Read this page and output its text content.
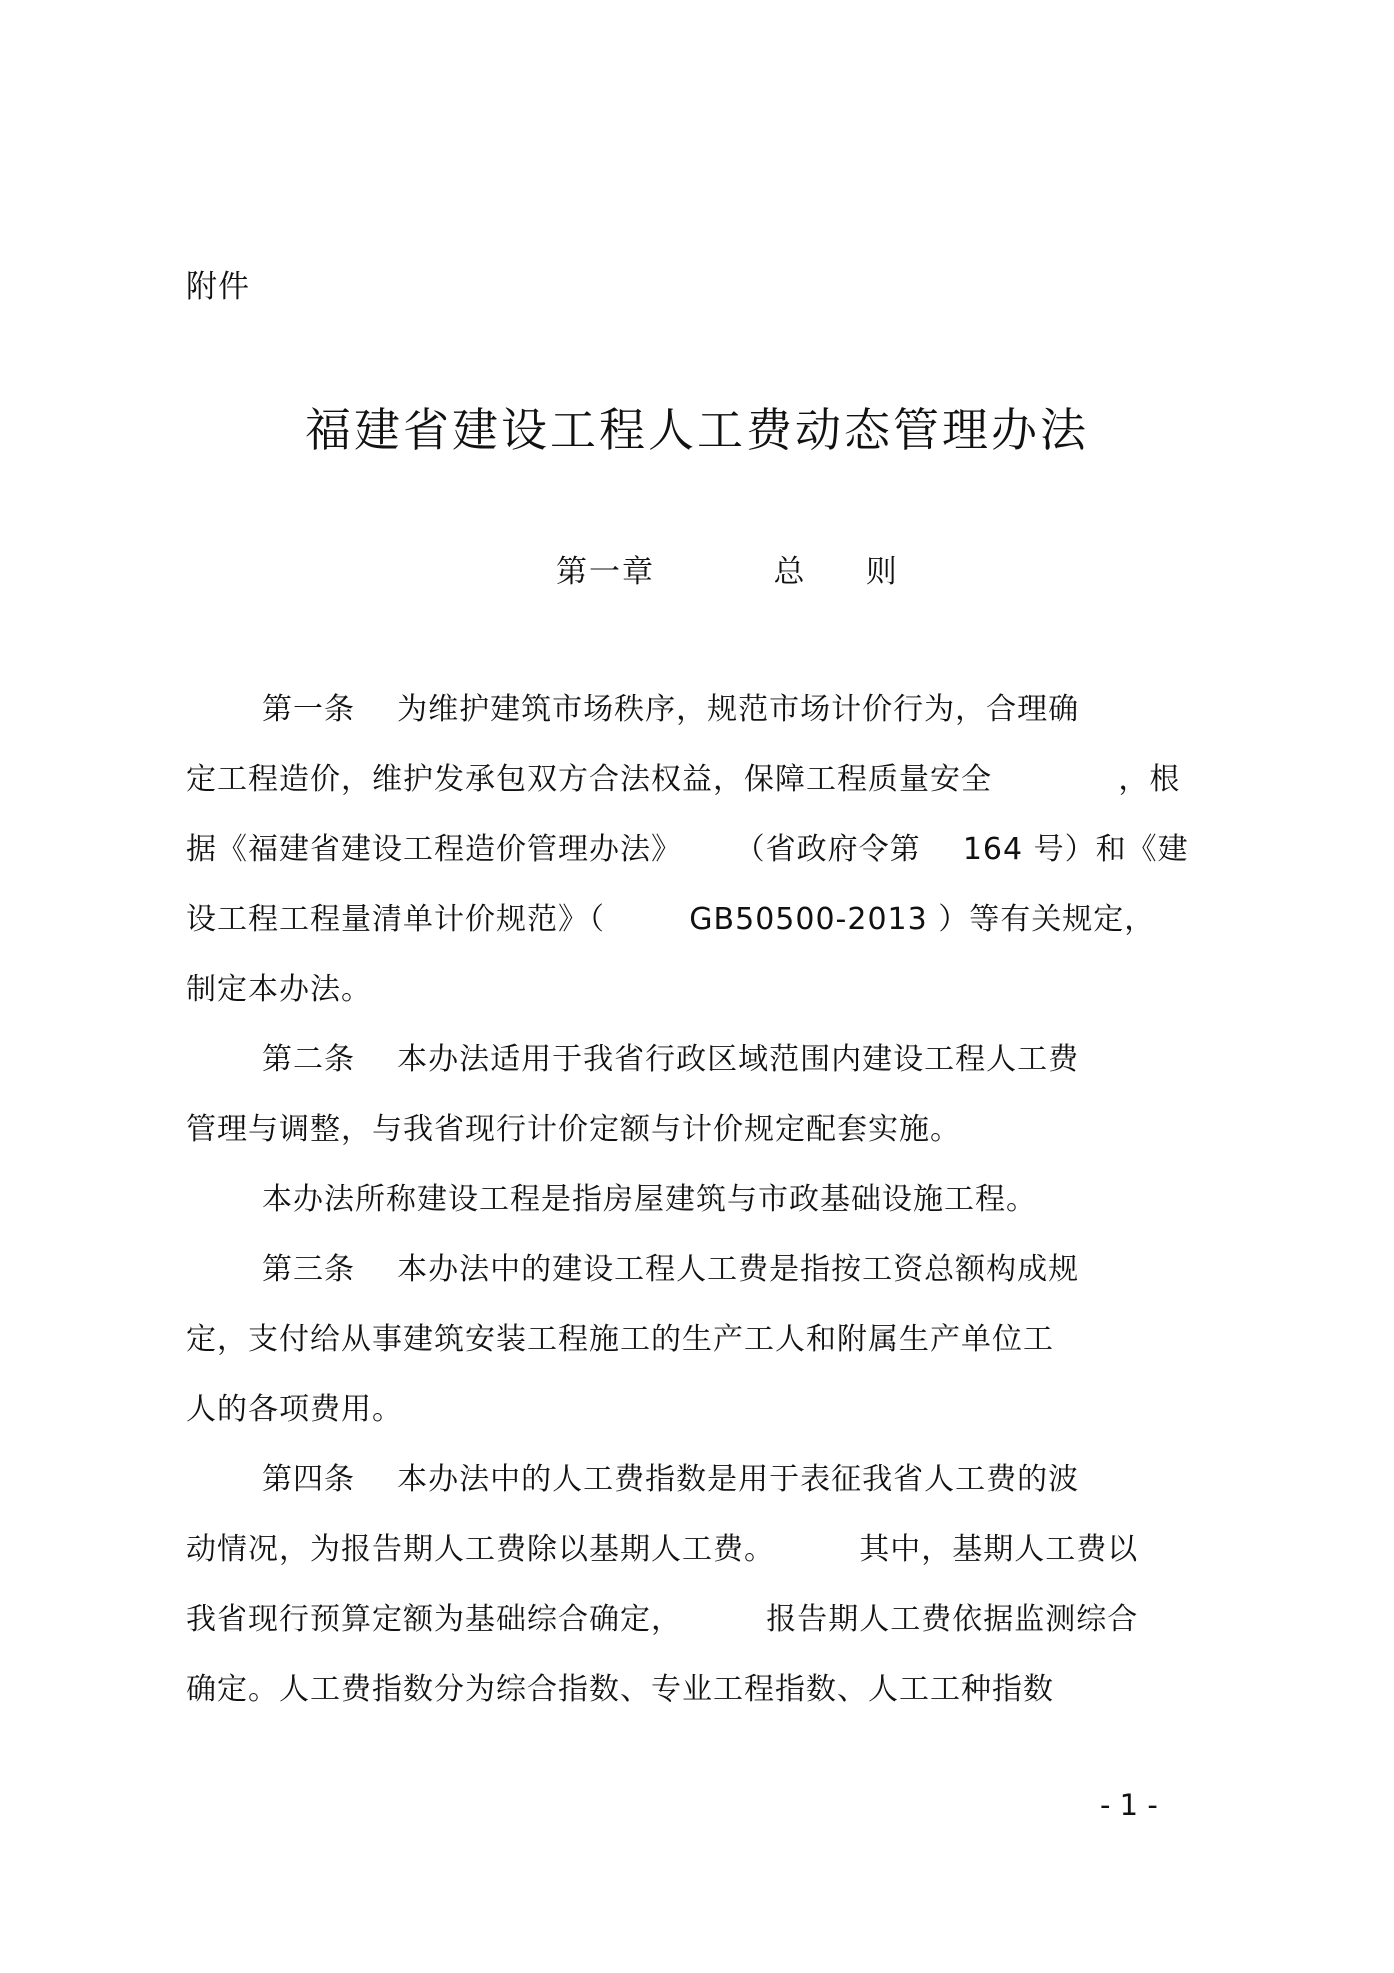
附件
福建省建设工程人工费动态管理办法
第一章          总     则
第一条    为维护建筑市场秩序，规范市场计价行为，合理确
定工程造价，维护发承包双方合法权益，保障工程质量安全            ，根
据《福建省建设工程造价管理办法》     （省政府令第    164 号）和《建
设工程工程量清单计价规范》（        GB50500-2013 ）等有关规定，
制定本办法。
第二条    本办法适用于我省行政区域范围内建设工程人工费
管理与调整，与我省现行计价定额与计价规定配套实施。
本办法所称建设工程是指房屋建筑与市政基础设施工程。
第三条    本办法中的建设工程人工费是指按工资总额构成规
定，支付给从事建筑安装工程施工的生产工人和附属生产单位工
人的各项费用。
第四条    本办法中的人工费指数是用于表征我省人工费的波
动情况，为报告期人工费除以基期人工费。        其中，基期人工费以
我省现行预算定额为基础综合确定，        报告期人工费依据监测综合
确定。人工费指数分为综合指数、专业工程指数、人工工种指数
- 1 -
